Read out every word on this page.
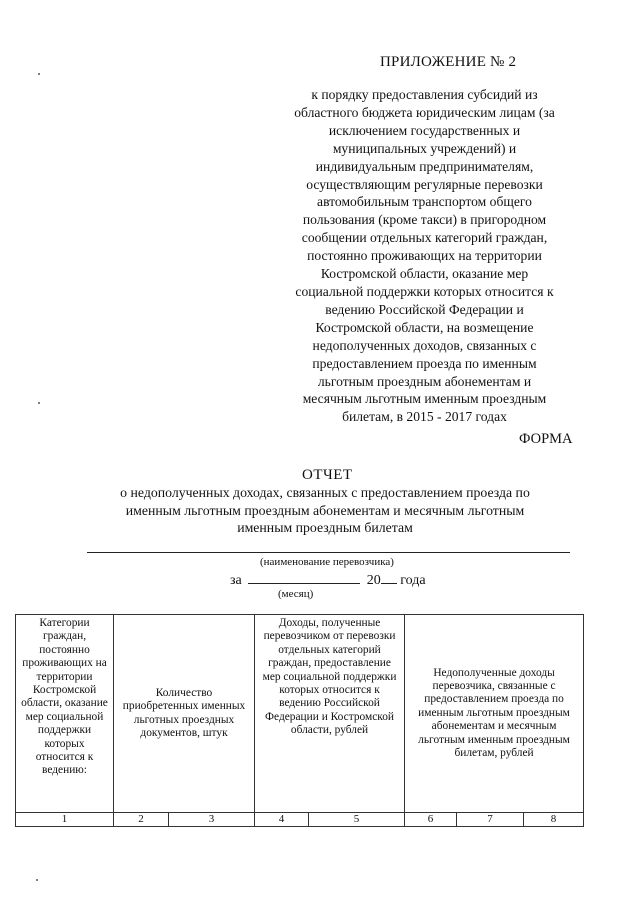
ПРИЛОЖЕНИЕ № 2
к порядку предоставления субсидий из
областного бюджета юридическим лицам (за
исключением государственных и
муниципальных учреждений) и
индивидуальным предпринимателям,
осуществляющим регулярные перевозки
автомобильным транспортом общего
пользования (кроме такси) в пригородном
сообщении отдельных категорий граждан,
постоянно проживающих на территории
Костромской области, оказание мер
социальной поддержки которых относится к
ведению Российской Федерации и
Костромской области, на возмещение
недополученных доходов, связанных с
предоставлением проезда по именным
льготным проездным абонементам и
месячным льготным именным проездным
билетам, в 2015 - 2017 годах
ФОРМА
ОТЧЕТ
о недополученных доходах, связанных с предоставлением проезда по
именным льготным проездным абонементам и месячным льготным
именным проездным билетам
(наименование перевозчика)
за	20 года
(месяц)
Категории граждан, постоянно проживающих на территории Костромской области, оказание мер социальной поддержки которых относится к ведению:	Количество приобретенных именных льготных проездных документов, штук		Доходы, полученные перевозчиком от перевозки отдельных категорий граждан, предоставление мер социальной поддержки которых относится к ведению Российской Федерации и Костромской области, рублей		Недополученные доходы перевозчика, связанные с предоставлением проезда по именным льготным проездным абонементам и месячным льготным именным проездным билетам, рублей		
1	2	3	4	5	6	7	8
